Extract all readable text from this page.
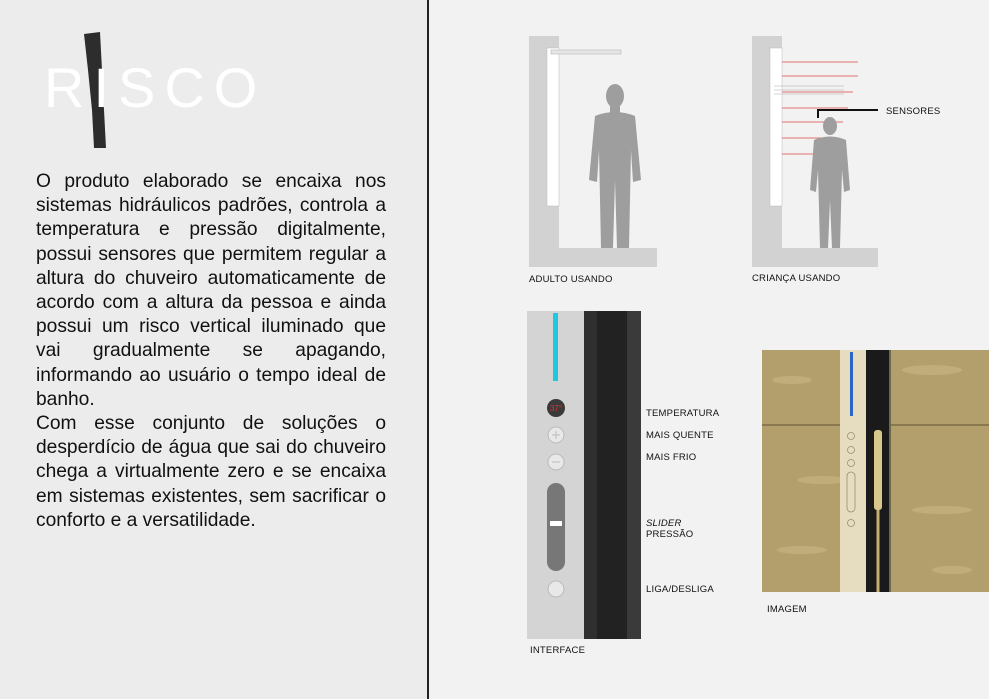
RISCO

O produto elaborado se encaixa nos sistemas hidráulicos padrões, controla a temperatura e pressão digitalmente, possui sensores que permitem regular a altura do chuveiro automaticamente de acordo com a altura da pessoa e ainda possui um risco vertical iluminado que vai gradualmente se apagando, informando ao usuário o tempo ideal de banho.

Com esse conjunto de soluções o desperdício de água que sai do chuveiro chega a virtualmente zero e se encaixa em sistemas existentes, sem sacrificar o conforto e a versatilidade.

ADULTO USANDO
SENSORES
CRIANÇA USANDO
37°	TEMPERATURA
MAIS QUENTE
MAIS FRIO
SLIDER
PRESSÃO
LIGA/DESLIGA
INTERFACE
IMAGEM
